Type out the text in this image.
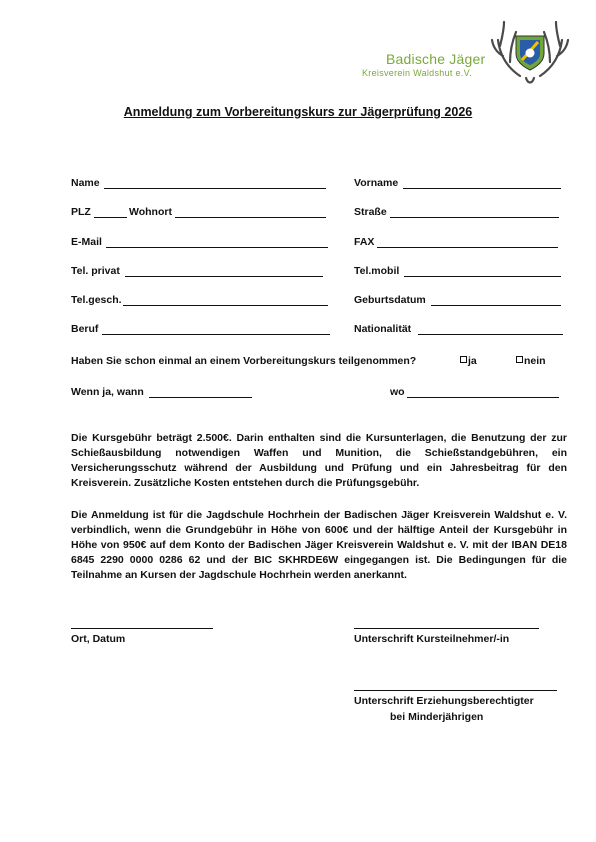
Badische Jäger
Kreisverein Waldshut e.V.
Anmeldung zum Vorbereitungskurs zur Jägerprüfung 2026
Name	Vorname
PLZ	Wohnort	Straße
E-Mail	FAX
Tel. privat	Tel.mobil
Tel.gesch.	Geburtsdatum
Beruf	Nationalität
Haben Sie schon einmal an einem Vorbereitungskurs teilgenommen?	ja	nein
Wenn ja, wann	wo
Die Kursgebühr beträgt 2.500€. Darin enthalten sind die Kursunterlagen, die Benutzung der zur Schießausbildung notwendigen Waffen und Munition, die Schießstandgebühren, ein Versicherungsschutz während der Ausbildung und Prüfung und ein Jahresbeitrag für den Kreisverein. Zusätzliche Kosten entstehen durch die Prüfungsgebühr.
Die Anmeldung ist für die Jagdschule Hochrhein der Badischen Jäger Kreisverein Waldshut e. V. verbindlich, wenn die Grundgebühr in Höhe von 600€ und der hälftige Anteil der Kursgebühr in Höhe von 950€ auf dem Konto der Badischen Jäger Kreisverein Waldshut e. V. mit der IBAN DE18 6845 2290 0000 0286 62 und der BIC SKHRDE6W eingegangen ist. Die Bedingungen für die Teilnahme an Kursen der Jagdschule Hochrhein werden anerkannt.
Ort, Datum	Unterschrift Kursteilnehmer/-in
Unterschrift Erziehungsberechtigter
bei Minderjährigen
